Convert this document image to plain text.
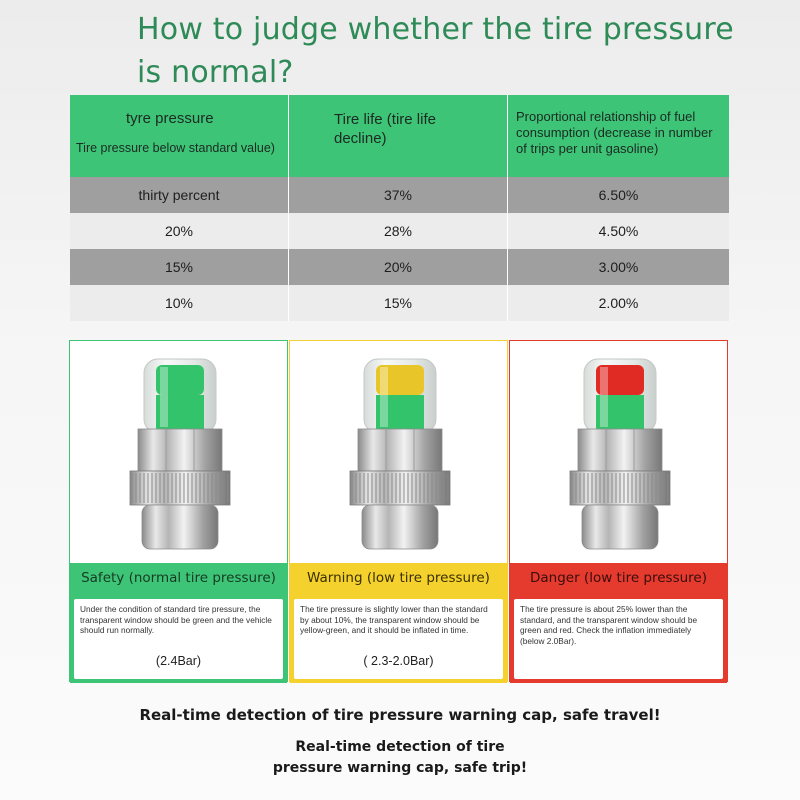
How to judge whether the tire pressure is normal?
tyre pressure
Tire pressure below standard value)
Tire life (tire life decline)
Proportional relationship of fuel consumption (decrease in number of trips per unit gasoline)
thirty percent	37%	6.50%
20%	28%	4.50%
15%	20%	3.00%
10%	15%	2.00%
Safety (normal tire pressure)
Under the condition of standard tire pressure, the transparent window should be green and the vehicle should run normally.
(2.4Bar)
Warning (low tire pressure)
The tire pressure is slightly lower than the standard by about 10%, the transparent window should be yellow-green, and it should be inflated in time.
( 2.3-2.0Bar)
Danger (low tire pressure)
The tire pressure is about 25% lower than the standard, and the transparent window should be green and red. Check the inflation immediately (below 2.0Bar).
Real-time detection of tire pressure warning cap, safe travel!
Real-time detection of tire
pressure warning cap, safe trip!
